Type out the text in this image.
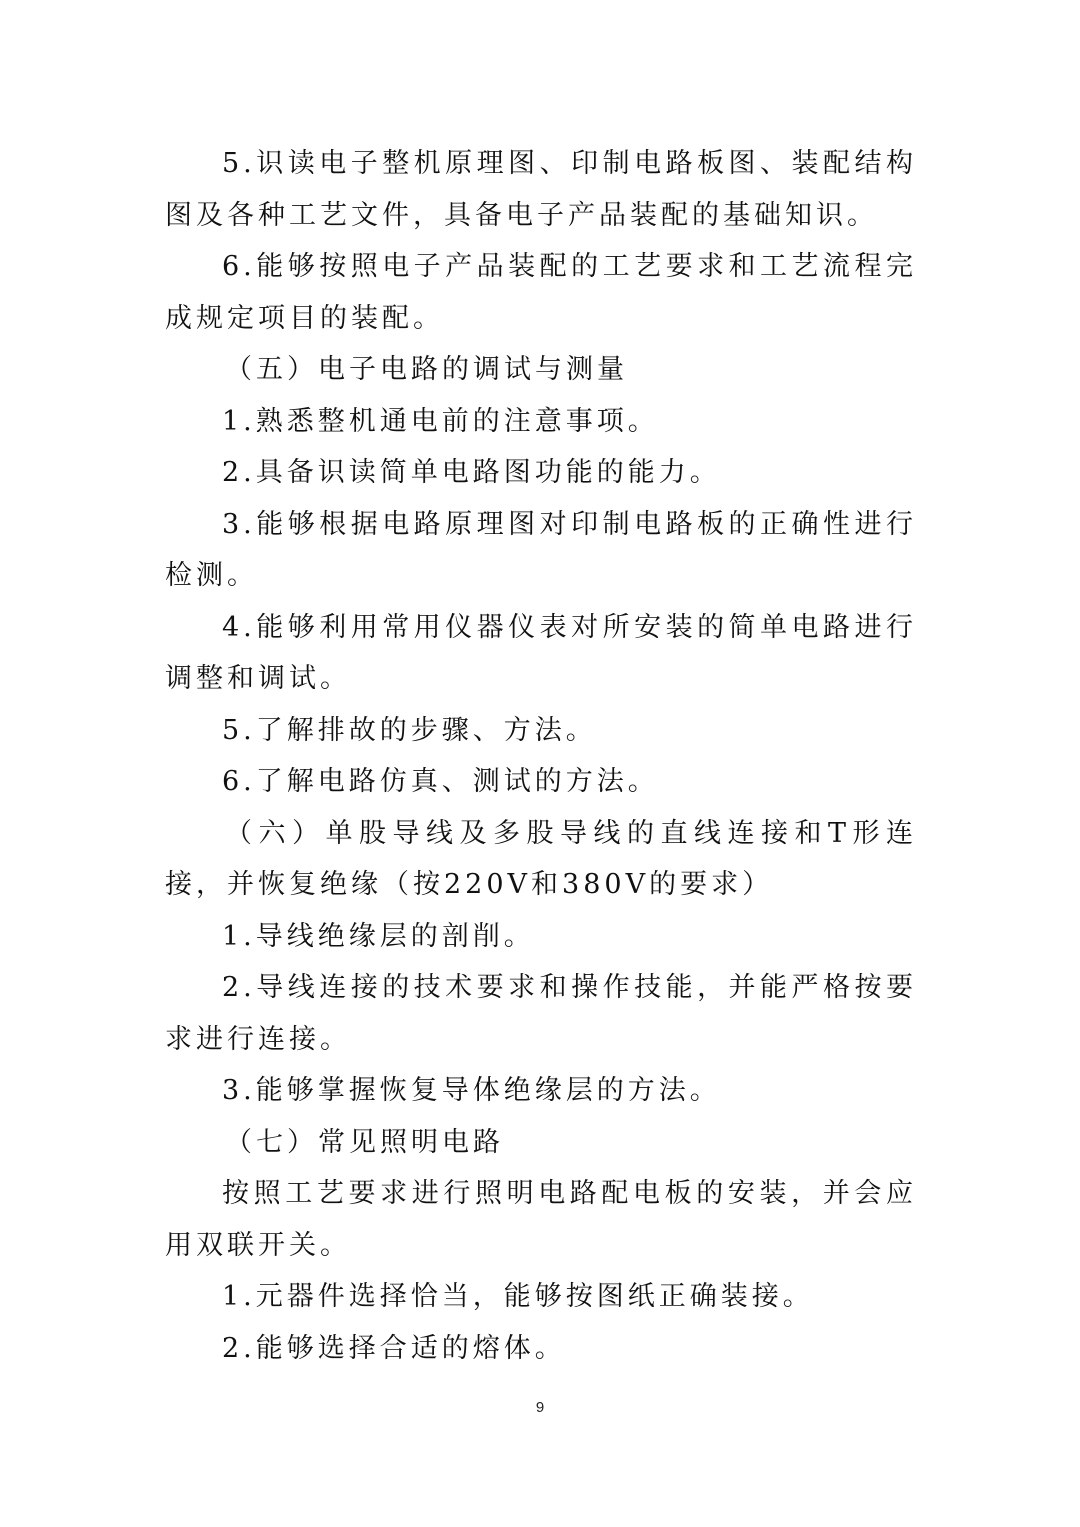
5.识读电子整机原理图、印制电路板图、装配结构图及各种工艺文件，具备电子产品装配的基础知识。

6.能够按照电子产品装配的工艺要求和工艺流程完成规定项目的装配。

（五）电子电路的调试与测量

1.熟悉整机通电前的注意事项。

2.具备识读简单电路图功能的能力。

3.能够根据电路原理图对印制电路板的正确性进行检测。

4.能够利用常用仪器仪表对所安装的简单电路进行调整和调试。

5.了解排故的步骤、方法。

6.了解电路仿真、测试的方法。

（六）单股导线及多股导线的直线连接和T形连接，并恢复绝缘（按220V和380V的要求）

1.导线绝缘层的剖削。

2.导线连接的技术要求和操作技能，并能严格按要求进行连接。

3.能够掌握恢复导体绝缘层的方法。

（七）常见照明电路

按照工艺要求进行照明电路配电板的安装，并会应用双联开关。

1.元器件选择恰当，能够按图纸正确装接。

2.能够选择合适的熔体。

9
